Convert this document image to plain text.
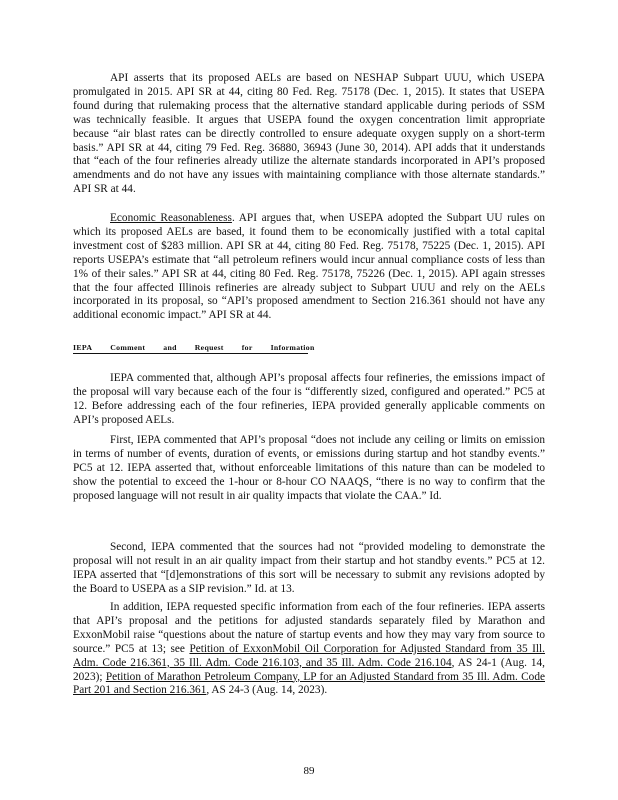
API asserts that its proposed AELs are based on NESHAP Subpart UUU, which USEPA promulgated in 2015. API SR at 44, citing 80 Fed. Reg. 75178 (Dec. 1, 2015). It states that USEPA found during that rulemaking process that the alternative standard applicable during periods of SSM was technically feasible. It argues that USEPA found the oxygen concentration limit appropriate because “air blast rates can be directly controlled to ensure adequate oxygen supply on a short-term basis.” API SR at 44, citing 79 Fed. Reg. 36880, 36943 (June 30, 2014). API adds that it understands that “each of the four refineries already utilize the alternate standards incorporated in API’s proposed amendments and do not have any issues with maintaining compliance with those alternate standards.” API SR at 44.

Economic Reasonableness. API argues that, when USEPA adopted the Subpart UU rules on which its proposed AELs are based, it found them to be economically justified with a total capital investment cost of $283 million. API SR at 44, citing 80 Fed. Reg. 75178, 75225 (Dec. 1, 2015). API reports USEPA’s estimate that “all petroleum refiners would incur annual compliance costs of less than 1% of their sales.” API SR at 44, citing 80 Fed. Reg. 75178, 75226 (Dec. 1, 2015). API again stresses that the four affected Illinois refineries are already subject to Subpart UUU and rely on the AELs incorporated in its proposal, so “API’s proposed amendment to Section 216.361 should not have any additional economic impact.” API SR at 44.

IEPA Comment and Request for Information

IEPA commented that, although API’s proposal affects four refineries, the emissions impact of the proposal will vary because each of the four is “differently sized, configured and operated.” PC5 at 12. Before addressing each of the four refineries, IEPA provided generally applicable comments on API’s proposed AELs.

First, IEPA commented that API’s proposal “does not include any ceiling or limits on emission in terms of number of events, duration of events, or emissions during startup and hot standby events.” PC5 at 12. IEPA asserted that, without enforceable limitations of this nature than can be modeled to show the potential to exceed the 1-hour or 8-hour CO NAAQS, “there is no way to confirm that the proposed language will not result in air quality impacts that violate the CAA.” Id.

Second, IEPA commented that the sources had not “provided modeling to demonstrate the proposal will not result in an air quality impact from their startup and hot standby events.” PC5 at 12. IEPA asserted that “[d]emonstrations of this sort will be necessary to submit any revisions adopted by the Board to USEPA as a SIP revision.” Id. at 13.

In addition, IEPA requested specific information from each of the four refineries. IEPA asserts that API’s proposal and the petitions for adjusted standards separately filed by Marathon and ExxonMobil raise “questions about the nature of startup events and how they may vary from source to source.” PC5 at 13; see Petition of ExxonMobil Oil Corporation for Adjusted Standard from 35 Ill. Adm. Code 216.361, 35 Ill. Adm. Code 216.103, and 35 Ill. Adm. Code 216.104, AS 24-1 (Aug. 14, 2023); Petition of Marathon Petroleum Company, LP for an Adjusted Standard from 35 Ill. Adm. Code Part 201 and Section 216.361, AS 24-3 (Aug. 14, 2023).

89
